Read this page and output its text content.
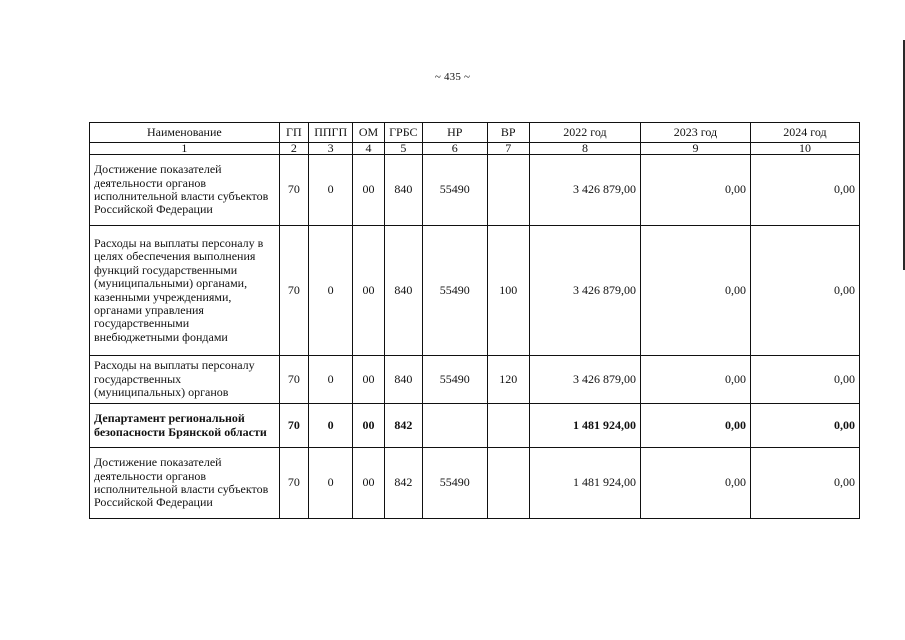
~ 435 ~
Наименование	ГП	ППГП	ОМ	ГРБС	НР	ВР	2022 год	2023 год	2024 год
1	2	3	4	5	6	7	8	9	10
Достижение показателей деятельности органов исполнительной власти субъектов Российской Федерации	70	0	00	840	55490		3 426 879,00	0,00	0,00
Расходы на выплаты персоналу в целях обеспечения выполнения функций государственными (муниципальными) органами, казенными учреждениями, органами управления государственными внебюджетными фондами	70	0	00	840	55490	100	3 426 879,00	0,00	0,00
Расходы на выплаты персоналу государственных (муниципальных) органов	70	0	00	840	55490	120	3 426 879,00	0,00	0,00
Департамент региональной безопасности Брянской области	70	0	00	842			1 481 924,00	0,00	0,00
Достижение показателей деятельности органов исполнительной власти субъектов Российской Федерации	70	0	00	842	55490		1 481 924,00	0,00	0,00
